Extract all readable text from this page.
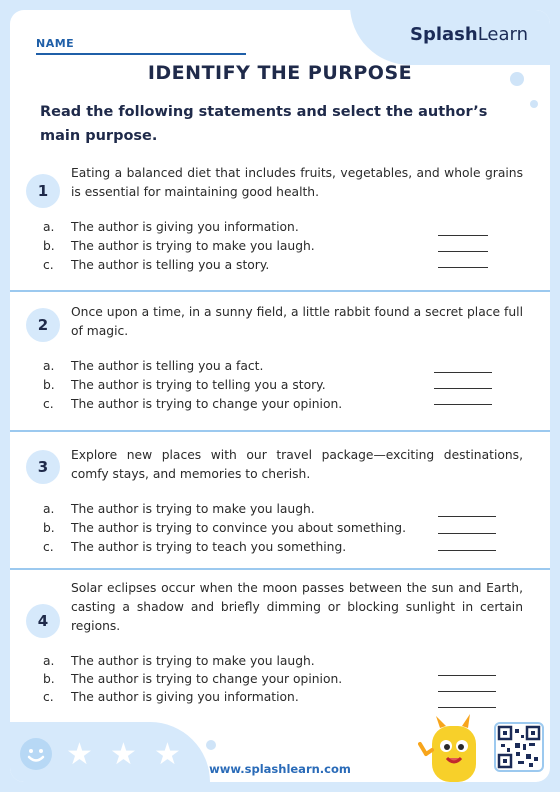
NAME	SplashLearn
IDENTIFY THE PURPOSE
Read the following statements and select the author’s main purpose.
1
Eating a balanced diet that includes fruits, vegetables, and whole grains is essential for maintaining good health.
a. The author is giving you information.
b. The author is trying to make you laugh.
c. The author is telling you a story.
2
Once upon a time, in a sunny field, a little rabbit found a secret place full of magic.
a. The author is telling you a fact.
b. The author is trying to telling you a story.
c. The author is trying to change your opinion.
3
Explore new places with our travel package—exciting destinations, comfy stays, and memories to cherish.
a. The author is trying to make you laugh.
b. The author is trying to convince you about something.
c. The author is trying to teach you something.
4
Solar eclipses occur when the moon passes between the sun and Earth, casting a shadow and briefly dimming or blocking sunlight in certain regions.
a. The author is trying to make you laugh.
b. The author is trying to change your opinion.
c. The author is giving you information.
★ ★ ★	www.splashlearn.com
